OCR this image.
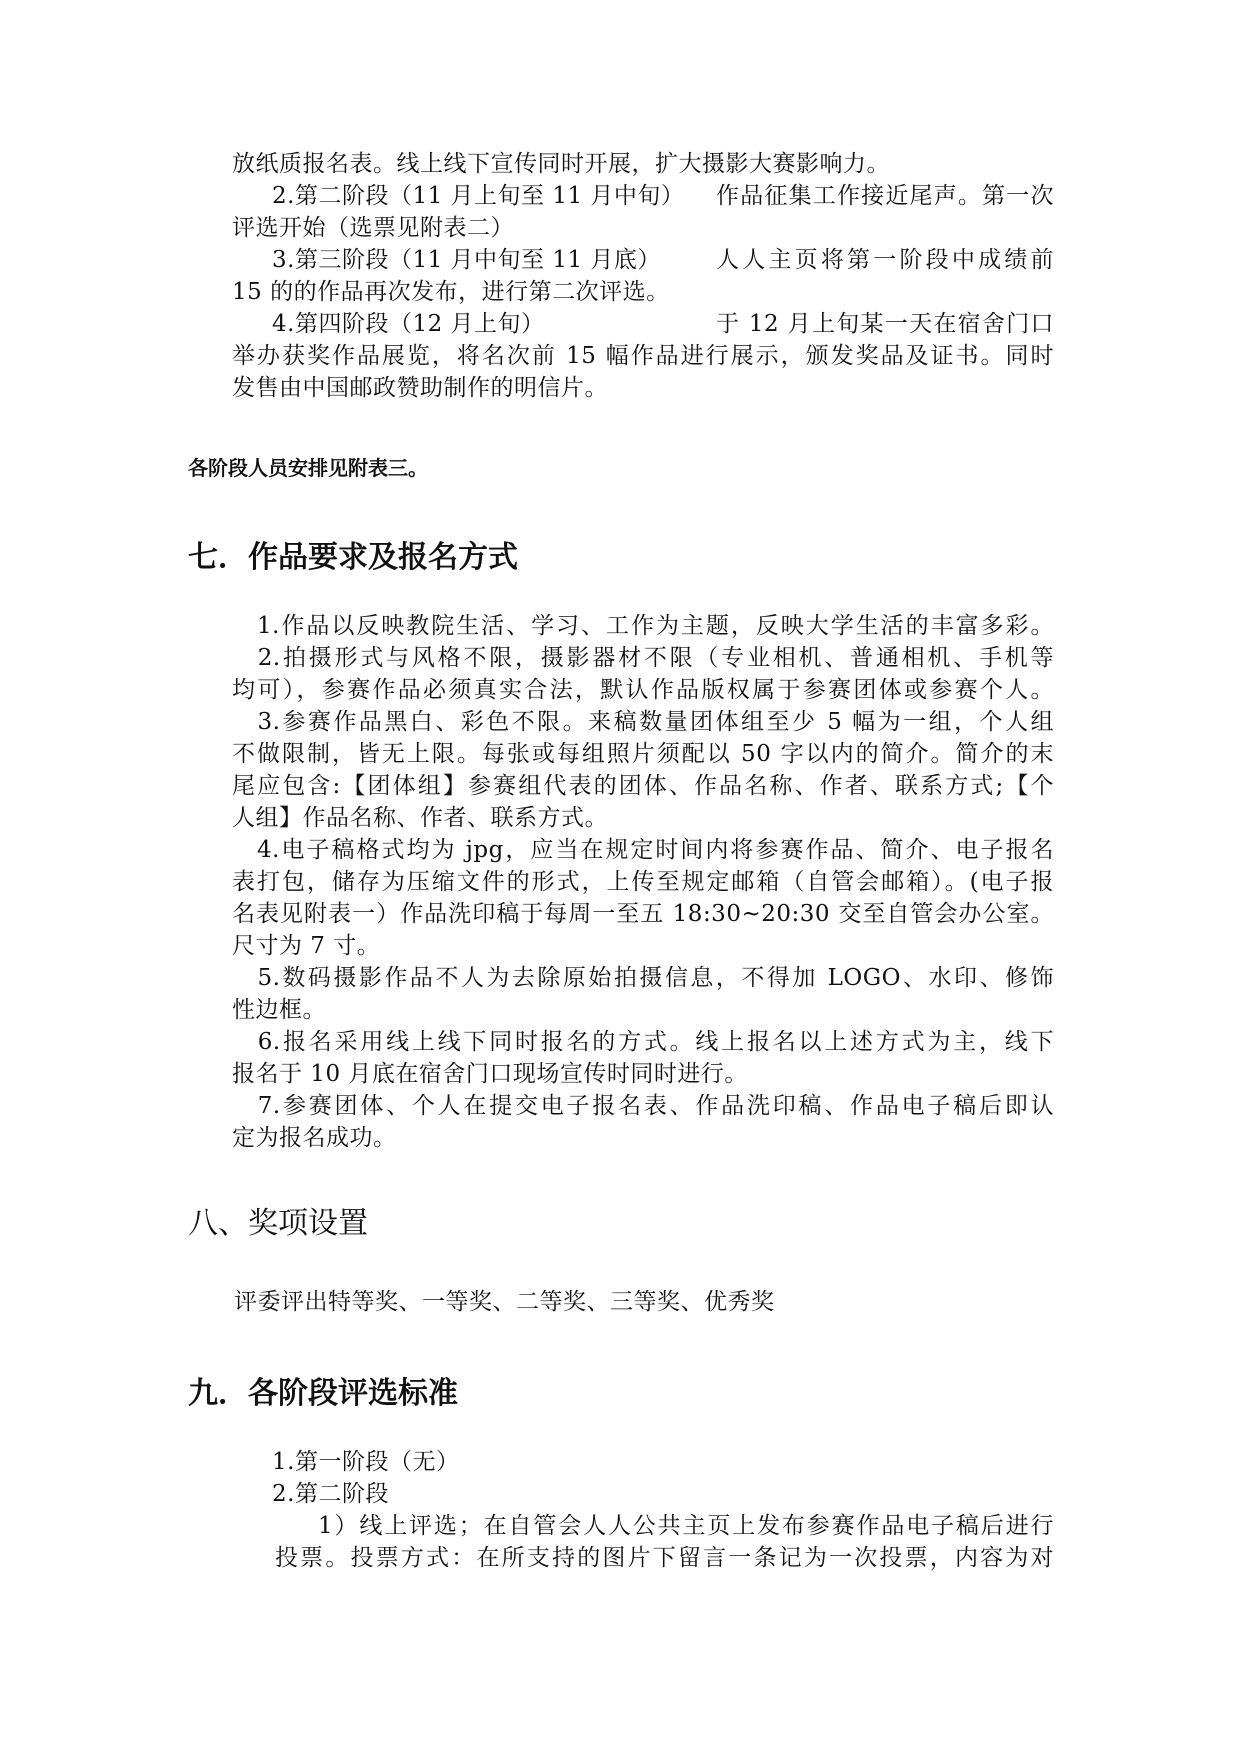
放纸质报名表。线上线下宣传同时开展，扩大摄影大赛影响力。
2.第二阶段（11 月上旬至 11 月中旬） 作品征集工作接近尾声。第一次
评选开始（选票见附表二）
3.第三阶段（11 月中旬至 11 月底） 人人主页将第一阶段中成绩前
15 的的作品再次发布，进行第二次评选。
4.第四阶段（12 月上旬）	于 12 月上旬某一天在宿舍门口
举办获奖作品展览，将名次前 15 幅作品进行展示，颁发奖品及证书。同时
发售由中国邮政赞助制作的明信片。
各阶段人员安排见附表三。
七．作品要求及报名方式
　1.作品以反映教院生活、学习、工作为主题，反映大学生活的丰富多彩。
　2.拍摄形式与风格不限，摄影器材不限（专业相机、普通相机、手机等
均可），参赛作品必须真实合法，默认作品版权属于参赛团体或参赛个人。
　3.参赛作品黑白、彩色不限。来稿数量团体组至少 5 幅为一组，个人组
不做限制，皆无上限。每张或每组照片须配以 50 字以内的简介。简介的末
尾应包含:【团体组】参赛组代表的团体、作品名称、作者、联系方式;【个
人组】作品名称、作者、联系方式。
　4.电子稿格式均为 jpg，应当在规定时间内将参赛作品、简介、电子报名
表打包，储存为压缩文件的形式，上传至规定邮箱（自管会邮箱）。(电子报
名表见附表一）作品洗印稿于每周一至五 18:30~20:30 交至自管会办公室。
尺寸为 7 寸。
　5.数码摄影作品不人为去除原始拍摄信息，不得加 LOGO、水印、修饰
性边框。
　6.报名采用线上线下同时报名的方式。线上报名以上述方式为主，线下
报名于 10 月底在宿舍门口现场宣传时同时进行。
　7.参赛团体、个人在提交电子报名表、作品洗印稿、作品电子稿后即认
定为报名成功。
八、奖项设置
评委评出特等奖、一等奖、二等奖、三等奖、优秀奖
九．各阶段评选标准
1.第一阶段（无）
2.第二阶段
1）线上评选；在自管会人人公共主页上发布参赛作品电子稿后进行
投票。投票方式：在所支持的图片下留言一条记为一次投票，内容为对
